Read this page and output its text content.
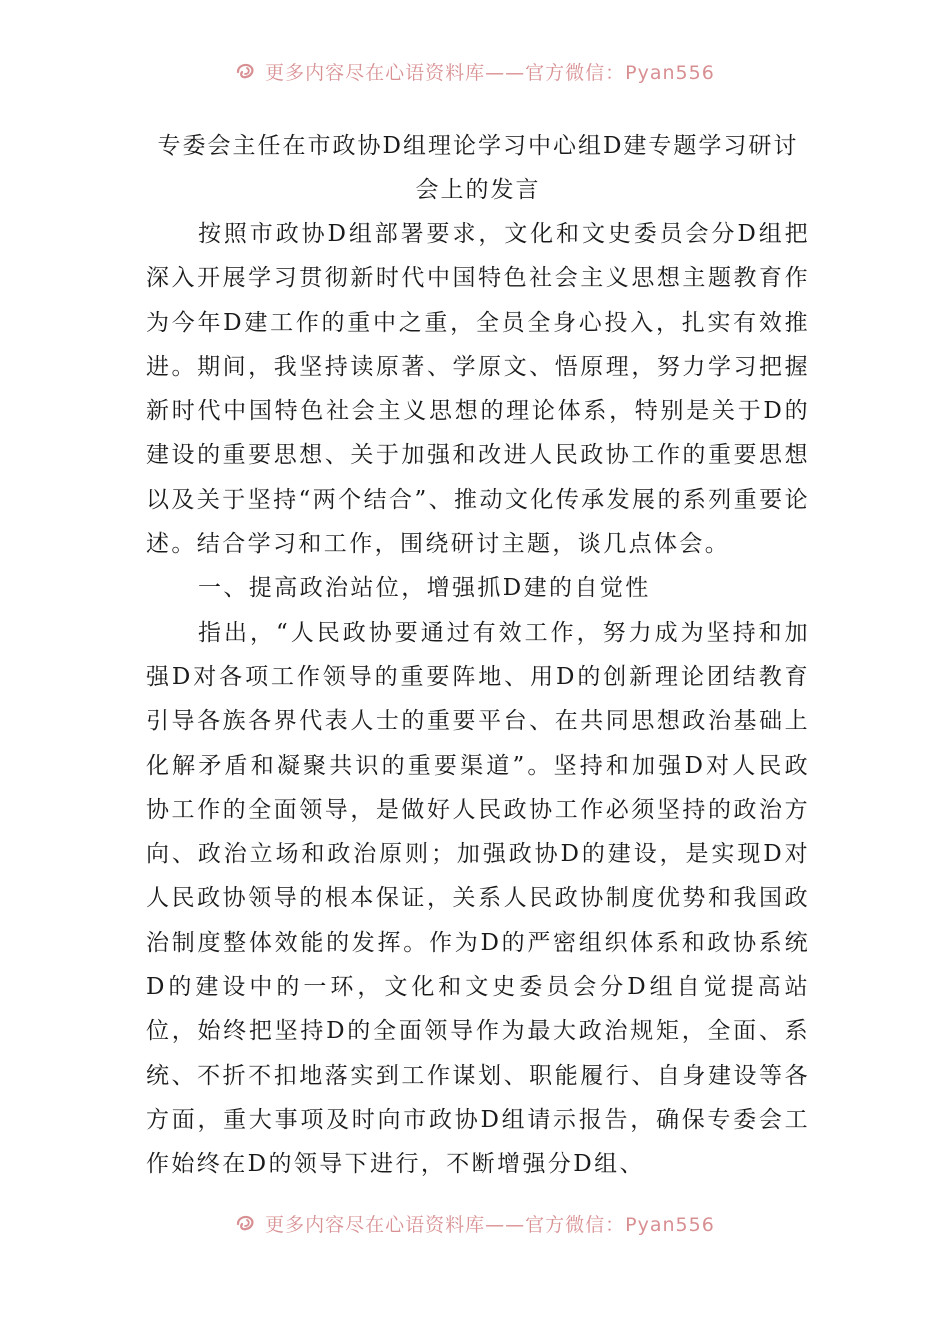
更多内容尽在心语资料库——官方微信：Pyan556
专委会主任在市政协D组理论学习中心组D建专题学习研讨
会上的发言

按照市政协D组部署要求，文化和文史委员会分D组把深入开展学习贯彻新时代中国特色社会主义思想主题教育作为今年D建工作的重中之重，全员全身心投入，扎实有效推进。期间，我坚持读原著、学原文、悟原理，努力学习把握新时代中国特色社会主义思想的理论体系，特别是关于D的建设的重要思想、关于加强和改进人民政协工作的重要思想以及关于坚持“两个结合”、推动文化传承发展的系列重要论述。结合学习和工作，围绕研讨主题，谈几点体会。

一、提高政治站位，增强抓D建的自觉性

指出，“人民政协要通过有效工作，努力成为坚持和加强D对各项工作领导的重要阵地、用D的创新理论团结教育引导各族各界代表人士的重要平台、在共同思想政治基础上化解矛盾和凝聚共识的重要渠道”。坚持和加强D对人民政协工作的全面领导，是做好人民政协工作必须坚持的政治方向、政治立场和政治原则；加强政协D的建设，是实现D对人民政协领导的根本保证，关系人民政协制度优势和我国政治制度整体效能的发挥。作为D的严密组织体系和政协系统D的建设中的一环，文化和文史委员会分D组自觉提高站位，始终把坚持D的全面领导作为最大政治规矩，全面、系统、不折不扣地落实到工作谋划、职能履行、自身建设等各方面，重大事项及时向市政协D组请示报告，确保专委会工作始终在D的领导下进行，不断增强分D组、

更多内容尽在心语资料库——官方微信：Pyan556
